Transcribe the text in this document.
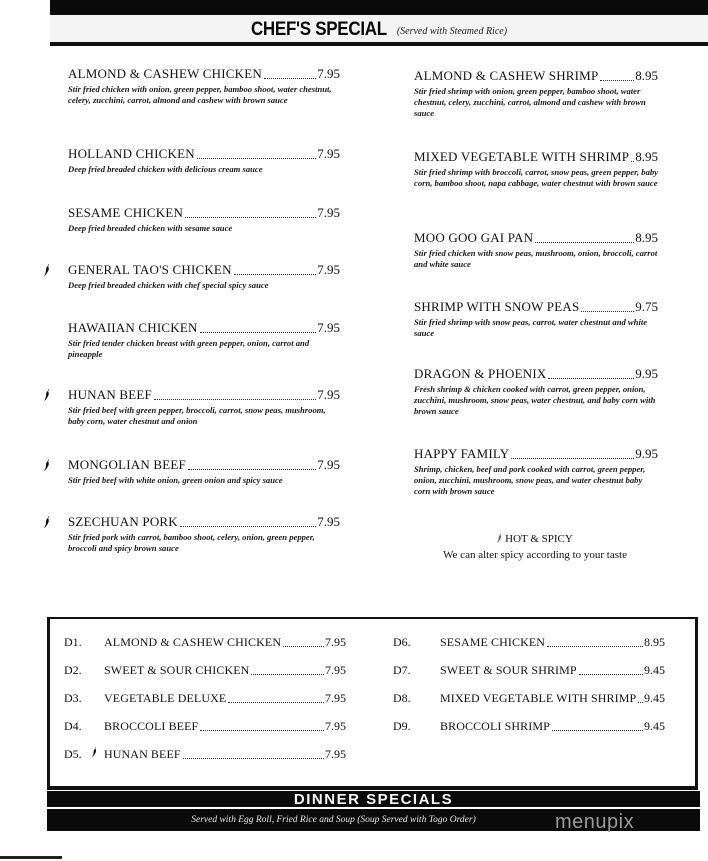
CHEF'S SPECIAL (Served with Steamed Rice)
ALMOND & CASHEW CHICKEN	7.95
Stir fried chicken with onion, green pepper, bamboo shoot, water chestnut, celery, zucchini, carrot, almond and cashew with brown sauce
HOLLAND CHICKEN	7.95
Deep fried breaded chicken with delicious cream sauce
SESAME CHICKEN	7.95
Deep fried breaded chicken with sesame sauce
GENERAL TAO'S CHICKEN	7.95
Deep fried breaded chicken with chef special spicy sauce
HAWAIIAN CHICKEN	7.95
Stir fried tender chicken breast with green pepper, onion, carrot and pineapple
HUNAN BEEF	7.95
Stir fried beef with green pepper, broccoli, carrot, snow peas, mushroom, baby corn, water chestnut and onion
MONGOLIAN BEEF	7.95
Stir fried beef with white onion, green onion and spicy sauce
SZECHUAN PORK	7.95
Stir fried pork with carrot, bamboo shoot, celery, onion, green pepper, broccoli and spicy brown sauce
ALMOND & CASHEW SHRIMP	8.95
Stir fried shrimp with onion, green pepper, bamboo shoot, water chestnut, celery, zucchini, carrot, almond and cashew with brown sauce
MIXED VEGETABLE WITH SHRIMP 8.95
Stir fried shrimp with broccoli, carrot, snow peas, green pepper, baby corn, bamboo shoot, napa cabbage, water chestnut with brown sauce
MOO GOO GAI PAN	8.95
Stir fried chicken with snow peas, mushroom, onion, broccoli, carrot and white sauce
SHRIMP WITH SNOW PEAS	9.75
Stir fried shrimp with snow peas, carrot, water chestnut and white sauce
DRAGON & PHOENIX	9.95
Fresh shrimp & chicken cooked with carrot, green pepper, onion, zucchini, mushroom, snow peas, water chestnut, and baby corn with brown sauce
HAPPY FAMILY	9.95
Shrimp, chicken, beef and pork cooked with carrot, green pepper, onion, zucchini, mushroom, snow peas, and water chestnut baby corn with brown sauce
HOT & SPICY
We can alter spicy according to your taste
D1.	ALMOND & CASHEW CHICKEN	7.95
D2.	SWEET & SOUR CHICKEN	7.95
D3.	VEGETABLE DELUXE	7.95
D4.	BROCCOLI BEEF	7.95
D5.	HUNAN BEEF	7.95
D6.	SESAME CHICKEN	8.95
D7.	SWEET & SOUR SHRIMP	9.45
D8.	MIXED VEGETABLE WITH SHRIMP 9.45
D9.	BROCCOLI SHRIMP	9.45
DINNER SPECIALS
Served with Egg Roll, Fried Rice and Soup (Soup Served with Togo Order)	menupix
